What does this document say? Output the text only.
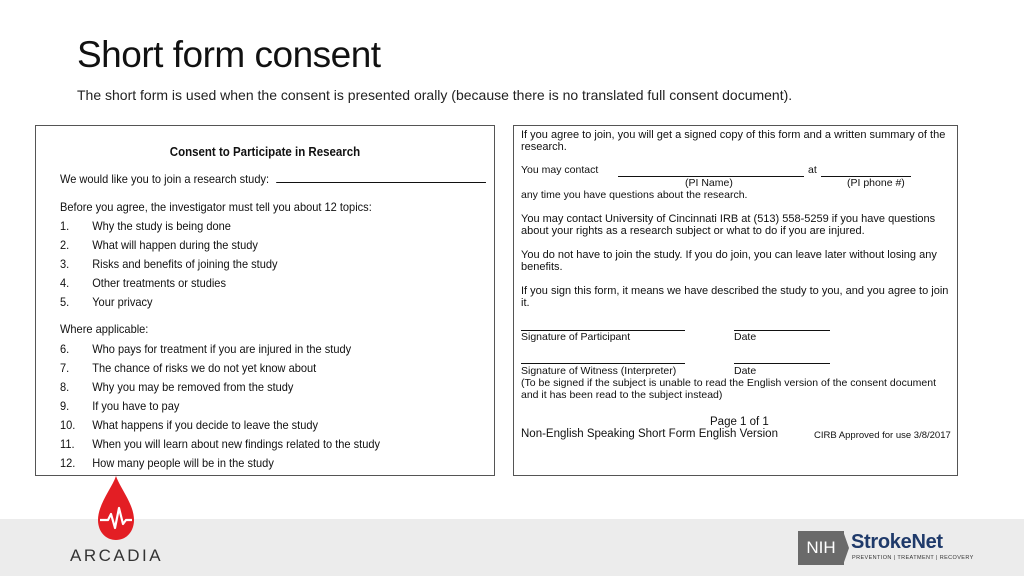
Short form consent
The short form is used when the consent is presented orally (because there is no translated full consent document).
Consent to Participate in Research
We would like you to join a research study:
Before you agree, the investigator must tell you about 12 topics:
1. Why the study is being done
2. What will happen during the study
3. Risks and benefits of joining the study
4. Other treatments or studies
5. Your privacy
Where applicable:
6. Who pays for treatment if you are injured in the study
7. The chance of risks we do not yet know about
8. Why you may be removed from the study
9. If you have to pay
10. What happens if you decide to leave the study
11. When you will learn about new findings related to the study
12. How many people will be in the study
If you agree to join, you will get a signed copy of this form and a written summary of the research.
You may contact	at
(PI Name)	(PI phone #)
any time you have questions about the research.
You may contact University of Cincinnati IRB at (513) 558-5259 if you have questions about your rights as a research subject or what to do if you are injured.
You do not have to join the study. If you do join, you can leave later without losing any benefits.
If you sign this form, it means we have described the study to you, and you agree to join it.
Signature of Participant	Date
Signature of Witness (Interpreter)	Date
(To be signed if the subject is unable to read the English version of the consent document and it has been read to the subject instead)
Page 1 of 1
Non-English Speaking Short Form English Version	CIRB Approved for use 3/8/2017
ARCADIA	NIH StrokeNet
PREVENTION | TREATMENT | RECOVERY
